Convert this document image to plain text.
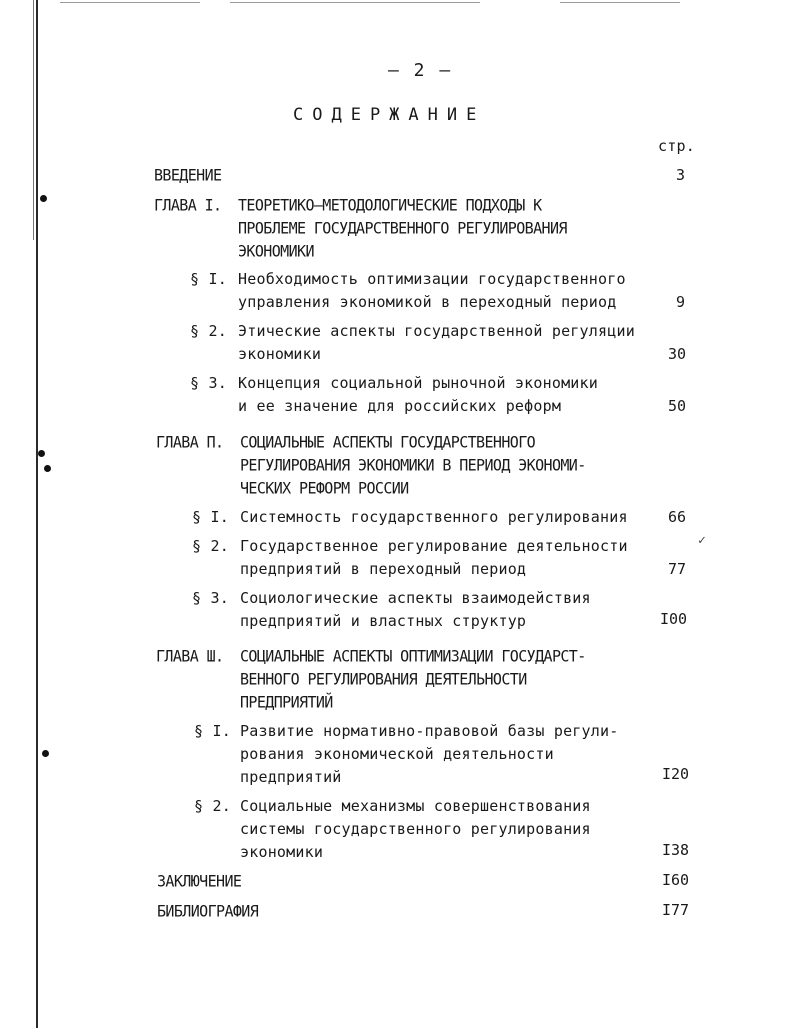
– 2 –
СОДЕРЖАНИЕ
стр.
ВВЕДЕНИЕ	3
ГЛАВА I. ТЕОРЕТИКО–МЕТОДОЛОГИЧЕСКИЕ ПОДХОДЫ К
ПРОБЛЕМЕ ГОСУДАРСТВЕННОГО РЕГУЛИРОВАНИЯ
ЭКОНОМИКИ
§ I. Необходимость оптимизации государственного
управления экономикой в переходный период	9
§ 2. Этические аспекты государственной регуляции
экономики	30
§ 3. Концепция социальной рыночной экономики
и ее значение для российских реформ	50
ГЛАВА П. СОЦИАЛЬНЫЕ АСПЕКТЫ ГОСУДАРСТВЕННОГО
РЕГУЛИРОВАНИЯ ЭКОНОМИКИ В ПЕРИОД ЭКОНОМИ-
ЧЕСКИХ РЕФОРМ РОССИИ
§ I. Системность государственного регулирования	66
✓
§ 2. Государственное регулирование деятельности
предприятий в переходный период	77
§ 3. Социологические аспекты взаимодействия
предприятий и властных структур	I00
ГЛАВА Ш. СОЦИАЛЬНЫЕ АСПЕКТЫ ОПТИМИЗАЦИИ ГОСУДАРСТ-
ВЕННОГО РЕГУЛИРОВАНИЯ ДЕЯТЕЛЬНОСТИ
ПРЕДПРИЯТИЙ
§ I. Развитие нормативно-правовой базы регули-
рования экономической деятельности
предприятий	I20
§ 2. Социальные механизмы совершенствования
системы государственного регулирования
экономики	I38
ЗАКЛЮЧЕНИЕ	I60
БИБЛИОГРАФИЯ	I77
